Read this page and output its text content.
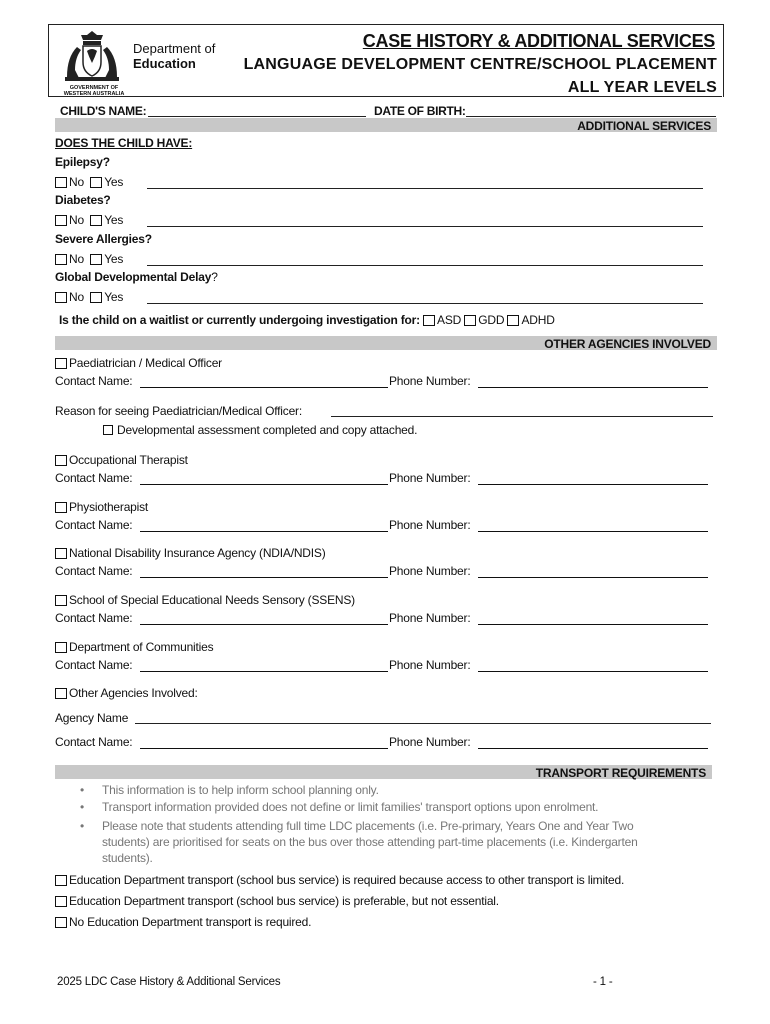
GOVERNMENT OF
WESTERN AUSTRALIA
Department of
Education
CASE HISTORY & ADDITIONAL SERVICES
LANGUAGE DEVELOPMENT CENTRE/SCHOOL PLACEMENT
ALL YEAR LEVELS
CHILD'S NAME:	DATE OF BIRTH:
ADDITIONAL SERVICES
DOES THE CHILD HAVE:
Epilepsy?
No Yes
Diabetes?
No Yes
Severe Allergies?
No Yes
Global Developmental Delay?
No Yes
Is the child on a waitlist or currently undergoing investigation for: ASD GDD ADHD
OTHER AGENCIES INVOLVED
Paediatrician / Medical Officer
Contact Name:	Phone Number:
Reason for seeing Paediatrician/Medical Officer:
Developmental assessment completed and copy attached.
Occupational Therapist
Contact Name:	Phone Number:
Physiotherapist
Contact Name:	Phone Number:
National Disability Insurance Agency (NDIA/NDIS)
Contact Name:	Phone Number:
School of Special Educational Needs Sensory (SSENS)
Contact Name:	Phone Number:
Department of Communities
Contact Name:	Phone Number:
Other Agencies Involved:
Agency Name
Contact Name:	Phone Number:
TRANSPORT REQUIREMENTS
• This information is to help inform school planning only.
• Transport information provided does not define or limit families' transport options upon enrolment.
• Please note that students attending full time LDC placements (i.e. Pre-primary, Years One and Year Two
students) are prioritised for seats on the bus over those attending part-time placements (i.e. Kindergarten
students).
Education Department transport (school bus service) is required because access to other transport is limited.
Education Department transport (school bus service) is preferable, but not essential.
No Education Department transport is required.
2025 LDC Case History & Additional Services	- 1 -
